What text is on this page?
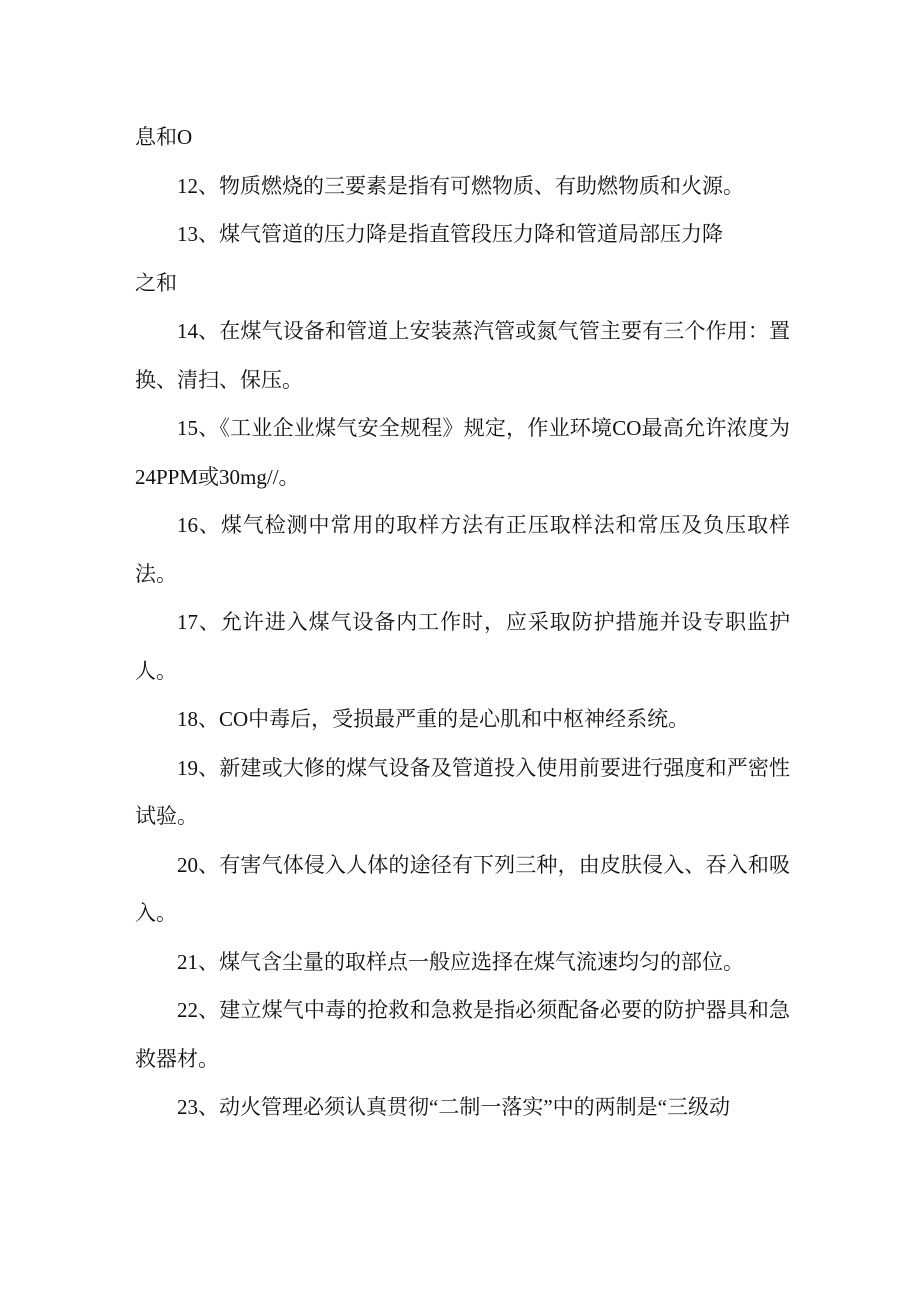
息和O

12、物质燃烧的三要素是指有可燃物质、有助燃物质和火源。

13、煤气管道的压力降是指直管段压力降和管道局部压力降

之和

14、在煤气设备和管道上安装蒸汽管或氮气管主要有三个作用：置换、清扫、保压。

15、《工业企业煤气安全规程》规定，作业环境CO最高允许浓度为24PPM或30mg//。

16、煤气检测中常用的取样方法有正压取样法和常压及负压取样法。

17、允许进入煤气设备内工作时，应采取防护措施并设专职监护人。

18、CO中毒后，受损最严重的是心肌和中枢神经系统。

19、新建或大修的煤气设备及管道投入使用前要进行强度和严密性试验。

20、有害气体侵入人体的途径有下列三种，由皮肤侵入、吞入和吸入。

21、煤气含尘量的取样点一般应选择在煤气流速均匀的部位。

22、建立煤气中毒的抢救和急救是指必须配备必要的防护器具和急救器材。

23、动火管理必须认真贯彻“二制一落实”中的两制是“三级动
